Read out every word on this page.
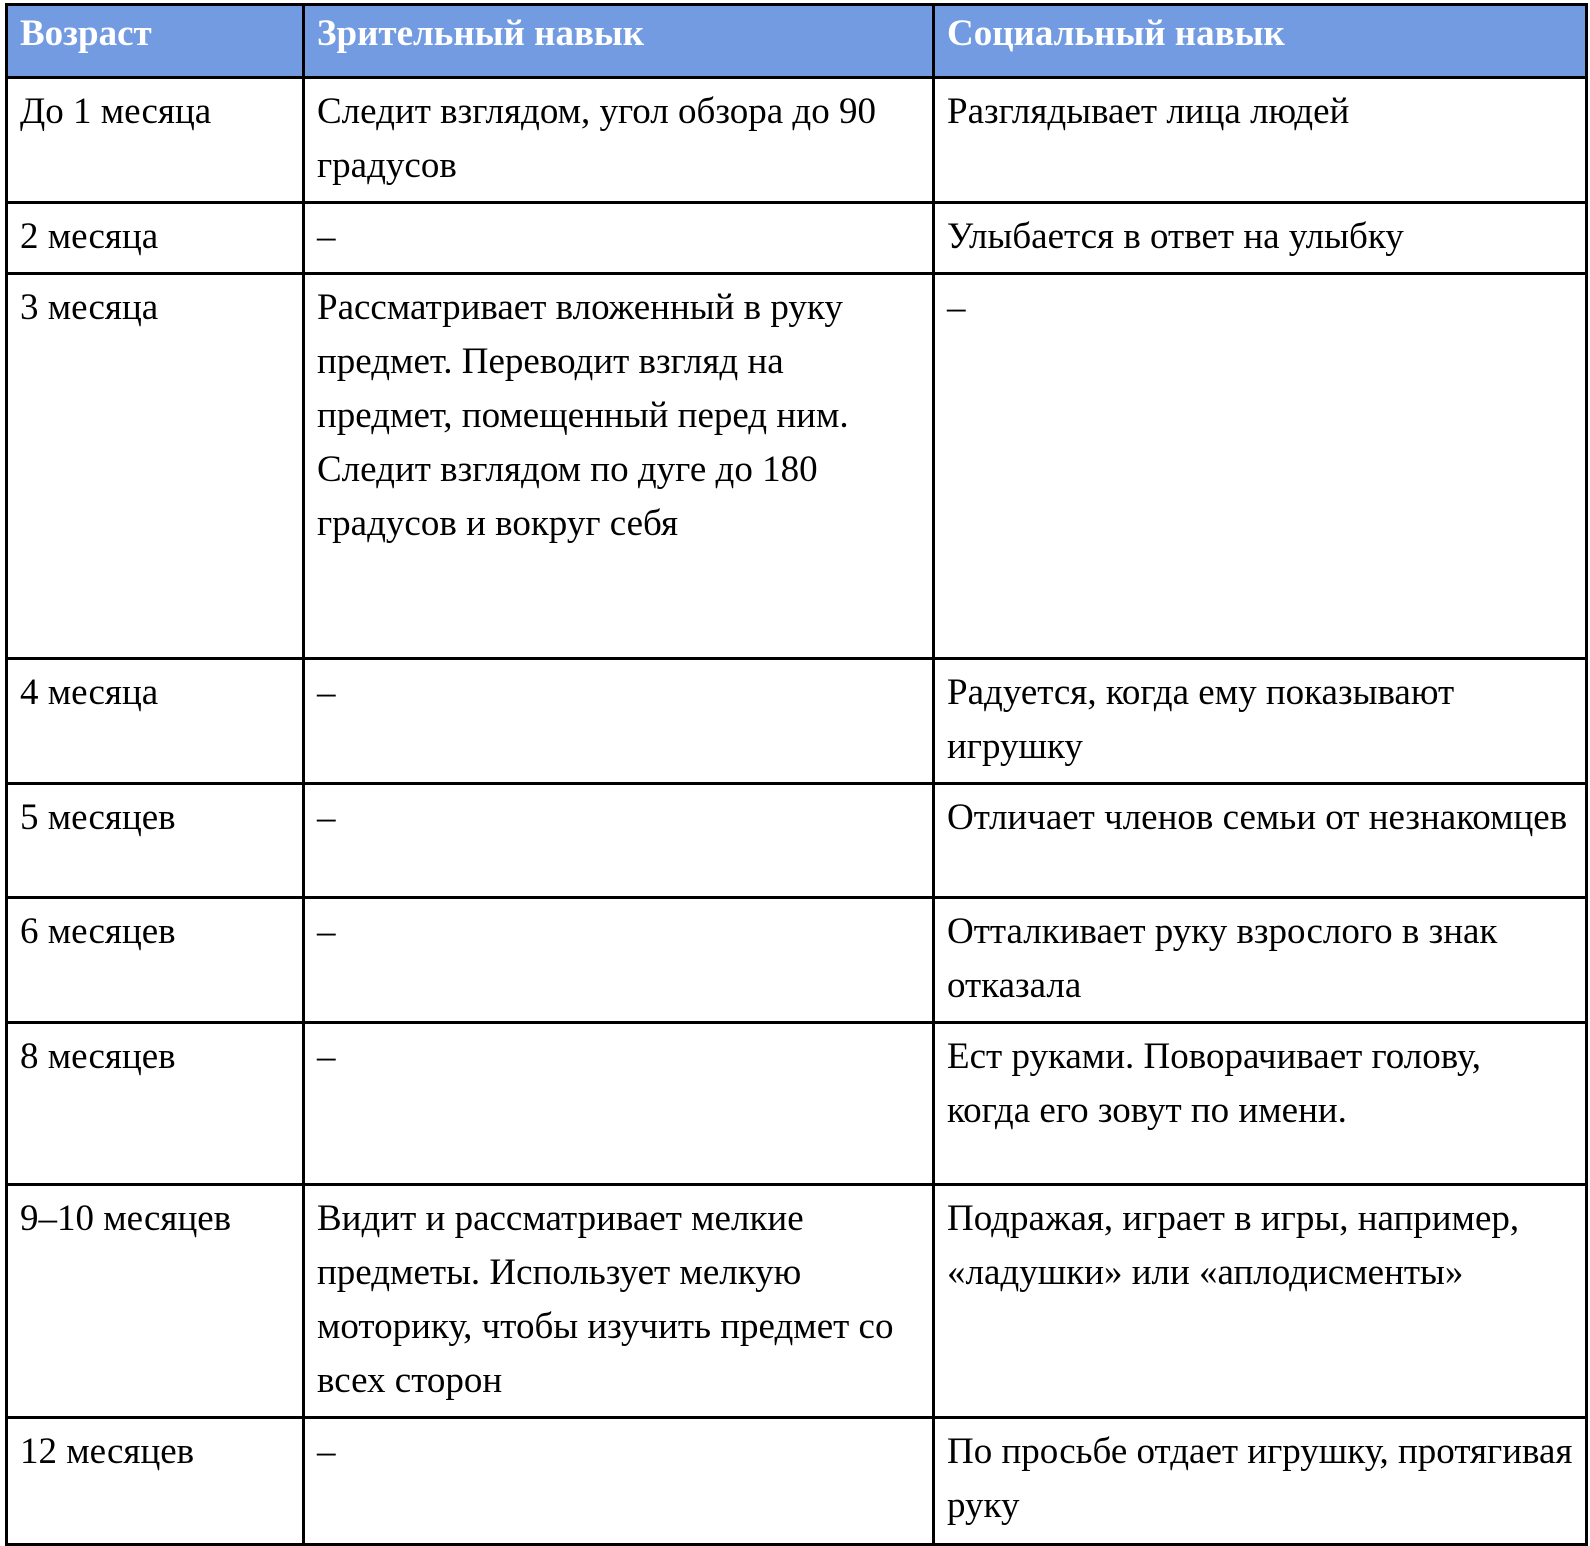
Возраст	Зрительный навык	Социальный навык

До 1 месяца	Следит взглядом, угол обзора до 90 градусов	Разглядывает лица людей

2 месяца	–	Улыбается в ответ на улыбку

3 месяца	Рассматривает вложенный в руку предмет. Переводит взгляд на предмет, помещенный перед ним. Следит взглядом по дуге до 180 градусов и вокруг себя	–

4 месяца	–	Радуется, когда ему показывают игрушку

5 месяцев	–	Отличает членов семьи от незнакомцев

6 месяцев	–	Отталкивает руку взрослого в знак отказала

8 месяцев	–	Ест руками. Поворачивает голову, когда его зовут по имени.

9–10 месяцев	Видит и рассматривает мелкие предметы. Использует мелкую моторику, чтобы изучить предмет со всех сторон	Подражая, играет в игры, например, «ладушки» или «аплодисменты»

12 месяцев	–	По просьбе отдает игрушку, протягивая руку
